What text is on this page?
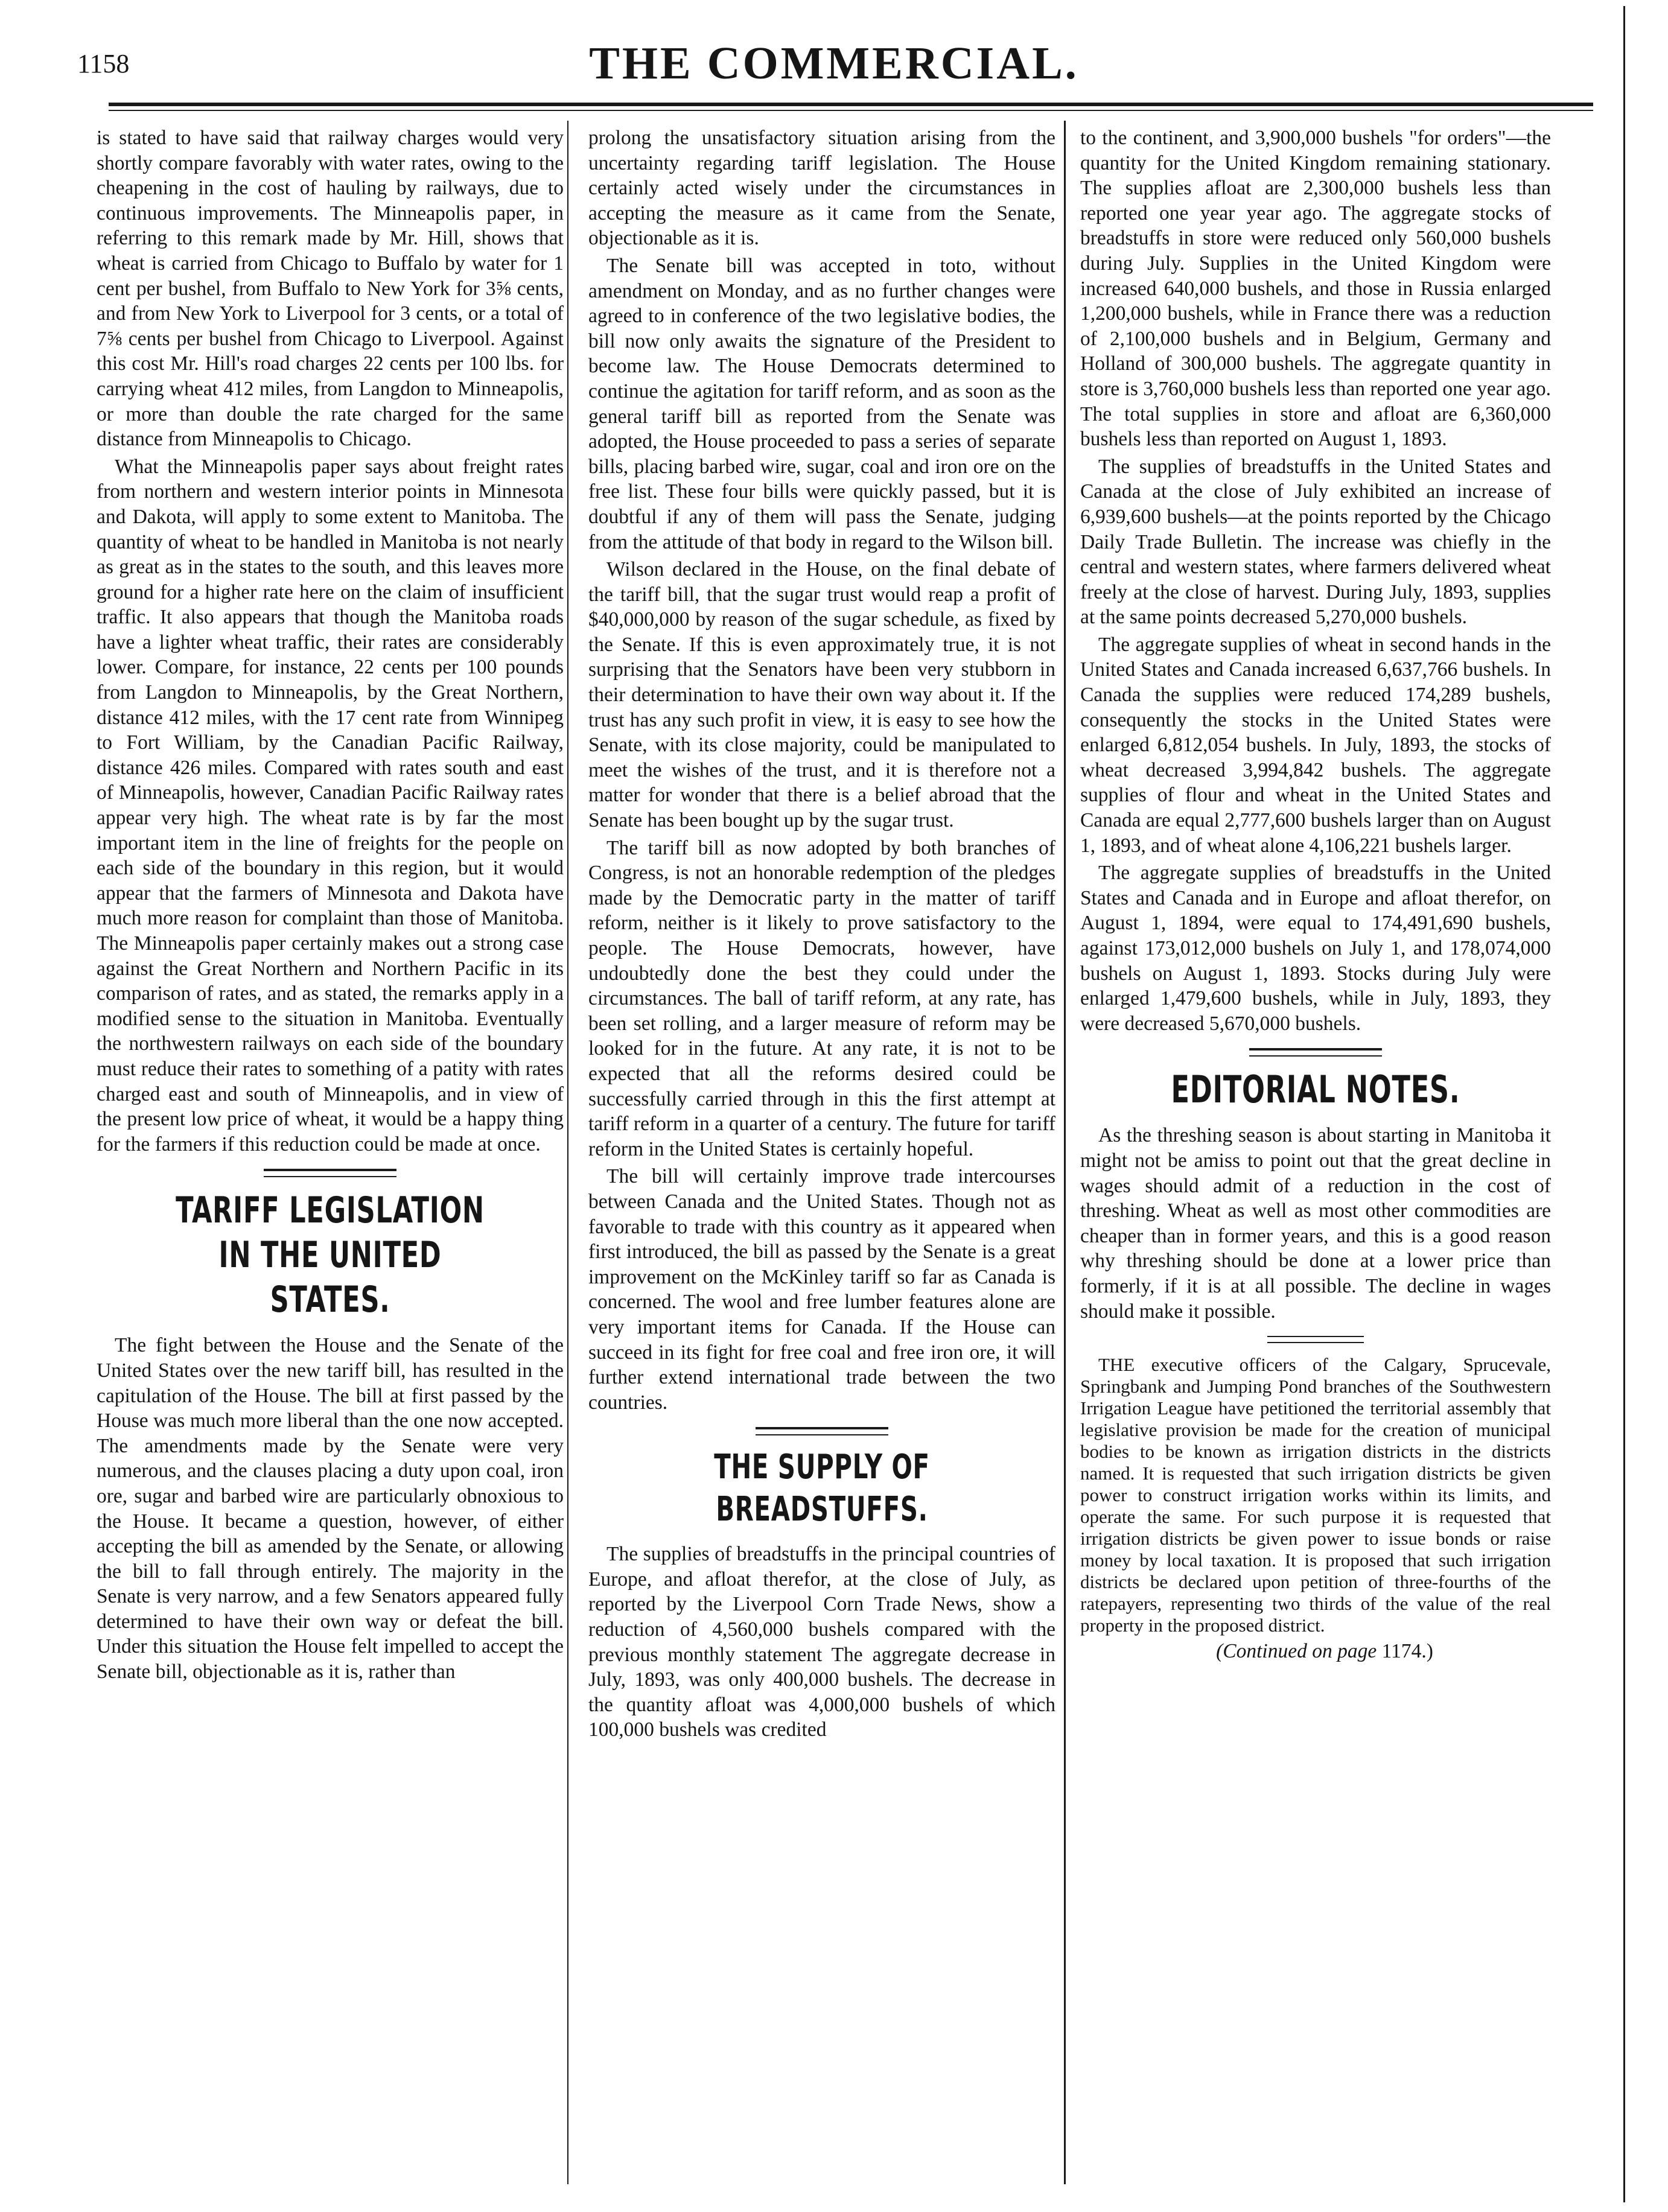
1158	THE COMMERCIAL.

is stated to have said that railway charges would very shortly compare favorably with water rates, owing to the cheapening in the cost of hauling by railways, due to continuous improvements. The Minneapolis paper, in referring to this remark made by Mr. Hill, shows that wheat is carried from Chicago to Buffalo by water for 1 cent per bushel, from Buffalo to New York for 3⅝ cents, and from New York to Liverpool for 3 cents, or a total of 7⅝ cents per bushel from Chicago to Liverpool. Against this cost Mr. Hill's road charges 22 cents per 100 lbs. for carrying wheat 412 miles, from Langdon to Minneapolis, or more than double the rate charged for the same distance from Minneapolis to Chicago.

What the Minneapolis paper says about freight rates from northern and western interior points in Minnesota and Dakota, will apply to some extent to Manitoba. The quantity of wheat to be handled in Manitoba is not nearly as great as in the states to the south, and this leaves more ground for a higher rate here on the claim of insufficient traffic. It also appears that though the Manitoba roads have a lighter wheat traffic, their rates are considerably lower. Compare, for instance, 22 cents per 100 pounds from Langdon to Minneapolis, by the Great Northern, distance 412 miles, with the 17 cent rate from Winnipeg to Fort William, by the Canadian Pacific Railway, distance 426 miles. Compared with rates south and east of Minneapolis, however, Canadian Pacific Railway rates appear very high. The wheat rate is by far the most important item in the line of freights for the people on each side of the boundary in this region, but it would appear that the farmers of Minnesota and Dakota have much more reason for complaint than those of Manitoba. The Minneapolis paper certainly makes out a strong case against the Great Northern and Northern Pacific in its comparison of rates, and as stated, the remarks apply in a modified sense to the situation in Manitoba. Eventually the northwestern railways on each side of the boundary must reduce their rates to something of a patity with rates charged east and south of Minneapolis, and in view of the present low price of wheat, it would be a happy thing for the farmers if this reduction could be made at once.

TARIFF LEGISLATION IN THE UNITED STATES.

The fight between the House and the Senate of the United States over the new tariff bill, has resulted in the capitulation of the House. The bill at first passed by the House was much more liberal than the one now accepted. The amendments made by the Senate were very numerous, and the clauses placing a duty upon coal, iron ore, sugar and barbed wire are particularly obnoxious to the House. It became a question, however, of either accepting the bill as amended by the Senate, or allowing the bill to fall through entirely. The majority in the Senate is very narrow, and a few Senators appeared fully determined to have their own way or defeat the bill. Under this situation the House felt impelled to accept the Senate bill, objectionable as it is, rather than

prolong the unsatisfactory situation arising from the uncertainty regarding tariff legislation. The House certainly acted wisely under the circumstances in accepting the measure as it came from the Senate, objectionable as it is.

The Senate bill was accepted in toto, without amendment on Monday, and as no further changes were agreed to in conference of the two legislative bodies, the bill now only awaits the signature of the President to become law. The House Democrats determined to continue the agitation for tariff reform, and as soon as the general tariff bill as reported from the Senate was adopted, the House proceeded to pass a series of separate bills, placing barbed wire, sugar, coal and iron ore on the free list. These four bills were quickly passed, but it is doubtful if any of them will pass the Senate, judging from the attitude of that body in regard to the Wilson bill.

Wilson declared in the House, on the final debate of the tariff bill, that the sugar trust would reap a profit of $40,000,000 by reason of the sugar schedule, as fixed by the Senate. If this is even approximately true, it is not surprising that the Senators have been very stubborn in their determination to have their own way about it. If the trust has any such profit in view, it is easy to see how the Senate, with its close majority, could be manipulated to meet the wishes of the trust, and it is therefore not a matter for wonder that there is a belief abroad that the Senate has been bought up by the sugar trust.

The tariff bill as now adopted by both branches of Congress, is not an honorable redemption of the pledges made by the Democratic party in the matter of tariff reform, neither is it likely to prove satisfactory to the people. The House Democrats, however, have undoubtedly done the best they could under the circumstances. The ball of tariff reform, at any rate, has been set rolling, and a larger measure of reform may be looked for in the future. At any rate, it is not to be expected that all the reforms desired could be successfully carried through in this the first attempt at tariff reform in a quarter of a century. The future for tariff reform in the United States is certainly hopeful.

The bill will certainly improve trade intercourses between Canada and the United States. Though not as favorable to trade with this country as it appeared when first introduced, the bill as passed by the Senate is a great improvement on the McKinley tariff so far as Canada is concerned. The wool and free lumber features alone are very important items for Canada. If the House can succeed in its fight for free coal and free iron ore, it will further extend international trade between the two countries.

THE SUPPLY OF BREADSTUFFS.

The supplies of breadstuffs in the principal countries of Europe, and afloat therefor, at the close of July, as reported by the Liverpool Corn Trade News, show a reduction of 4,560,000 bushels compared with the previous monthly statement The aggregate decrease in July, 1893, was only 400,000 bushels. The decrease in the quantity afloat was 4,000,000 bushels of which 100,000 bushels was credited

to the continent, and 3,900,000 bushels "for orders"—the quantity for the United Kingdom remaining stationary. The supplies afloat are 2,300,000 bushels less than reported one year year ago. The aggregate stocks of breadstuffs in store were reduced only 560,000 bushels during July. Supplies in the United Kingdom were increased 640,000 bushels, and those in Russia enlarged 1,200,000 bushels, while in France there was a reduction of 2,100,000 bushels and in Belgium, Germany and Holland of 300,000 bushels. The aggregate quantity in store is 3,760,000 bushels less than reported one year ago. The total supplies in store and afloat are 6,360,000 bushels less than reported on August 1, 1893.

The supplies of breadstuffs in the United States and Canada at the close of July exhibited an increase of 6,939,600 bushels—at the points reported by the Chicago Daily Trade Bulletin. The increase was chiefly in the central and western states, where farmers delivered wheat freely at the close of harvest. During July, 1893, supplies at the same points decreased 5,270,000 bushels.

The aggregate supplies of wheat in second hands in the United States and Canada increased 6,637,766 bushels. In Canada the supplies were reduced 174,289 bushels, consequently the stocks in the United States were enlarged 6,812,054 bushels. In July, 1893, the stocks of wheat decreased 3,994,842 bushels. The aggregate supplies of flour and wheat in the United States and Canada are equal 2,777,600 bushels larger than on August 1, 1893, and of wheat alone 4,106,221 bushels larger.

The aggregate supplies of breadstuffs in the United States and Canada and in Europe and afloat therefor, on August 1, 1894, were equal to 174,491,690 bushels, against 173,012,000 bushels on July 1, and 178,074,000 bushels on August 1, 1893. Stocks during July were enlarged 1,479,600 bushels, while in July, 1893, they were decreased 5,670,000 bushels.

EDITORIAL NOTES.

As the threshing season is about starting in Manitoba it might not be amiss to point out that the great decline in wages should admit of a reduction in the cost of threshing. Wheat as well as most other commodities are cheaper than in former years, and this is a good reason why threshing should be done at a lower price than formerly, if it is at all possible. The decline in wages should make it possible.

THE executive officers of the Calgary, Sprucevale, Springbank and Jumping Pond branches of the Southwestern Irrigation League have petitioned the territorial assembly that legislative provision be made for the creation of municipal bodies to be known as irrigation districts in the districts named. It is requested that such irrigation districts be given power to construct irrigation works within its limits, and operate the same. For such purpose it is requested that irrigation districts be given power to issue bonds or raise money by local taxation. It is proposed that such irrigation districts be declared upon petition of three-fourths of the ratepayers, representing two thirds of the value of the real property in the proposed district.

(Continued on page 1174.)
